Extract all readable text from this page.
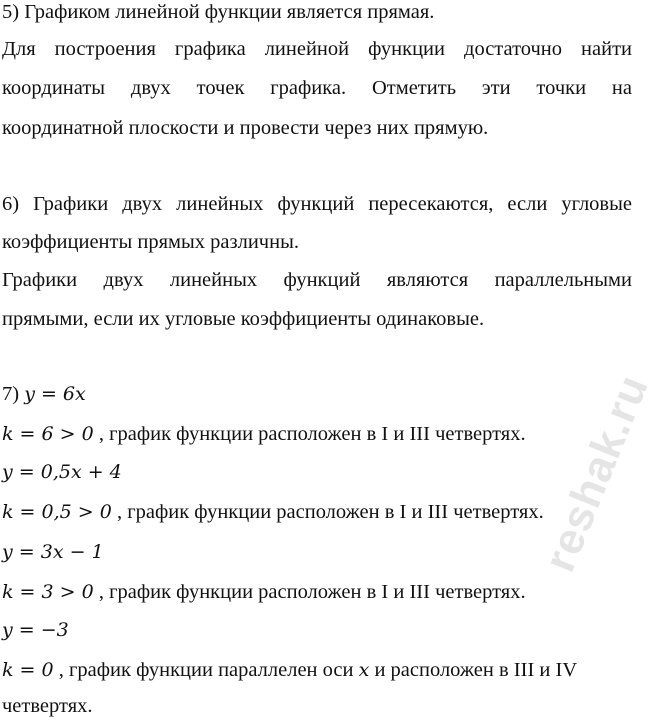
5) Графиком линейной функции является прямая.
Для построения графика линейной функции достаточно найти
координаты двух точек графика. Отметить эти точки на
координатной плоскости и провести через них прямую.
6) Графики двух линейных функций пересекаются, если угловые
коэффициенты прямых различны.
Графики двух линейных функций являются параллельными
прямыми, если их угловые коэффициенты одинаковые.
7) y = 6x
k = 6 > 0 , график функции расположен в I и III четвертях.
y = 0,5x + 4
k = 0,5 > 0 , график функции расположен в I и III четвертях.
y = 3x − 1
k = 3 > 0 , график функции расположен в I и III четвертях.
y = −3
k = 0 , график функции параллелен оси x и расположен в III и IV
четвертях.
reshak.ru
